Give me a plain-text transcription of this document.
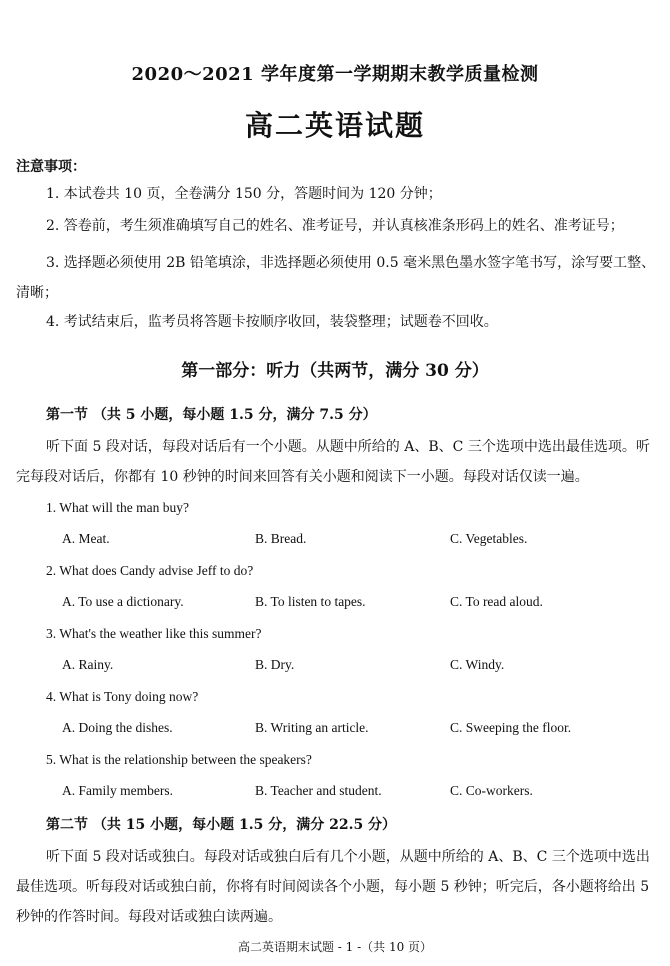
2020～2021 学年度第一学期期末教学质量检测
高二英语试题
注意事项：
1. 本试卷共 10 页，全卷满分 150 分，答题时间为 120 分钟；
2. 答卷前，考生须准确填写自己的姓名、准考证号，并认真核准条形码上的姓名、准考证号；
3. 选择题必须使用 2B 铅笔填涂，非选择题必须使用 0.5 毫米黑色墨水签字笔书写，涂写要工整、清晰；
4. 考试结束后，监考员将答题卡按顺序收回，装袋整理；试题卷不回收。
第一部分：听力（共两节，满分 30 分）
第一节 （共 5 小题，每小题 1.5 分，满分 7.5 分）
听下面 5 段对话，每段对话后有一个小题。从题中所给的 A、B、C 三个选项中选出最佳选项。听完每段对话后，你都有 10 秒钟的时间来回答有关小题和阅读下一小题。每段对话仅读一遍。
1. What will the man buy?
A. Meat.	B. Bread.	C. Vegetables.
2. What does Candy advise Jeff to do?
A. To use a dictionary.	B. To listen to tapes.	C. To read aloud.
3. What's the weather like this summer?
A. Rainy.	B. Dry.	C. Windy.
4. What is Tony doing now?
A. Doing the dishes.	B. Writing an article.	C. Sweeping the floor.
5. What is the relationship between the speakers?
A. Family members.	B. Teacher and student.	C. Co-workers.
第二节 （共 15 小题，每小题 1.5 分，满分 22.5 分）
听下面 5 段对话或独白。每段对话或独白后有几个小题，从题中所给的 A、B、C 三个选项中选出最佳选项。听每段对话或独白前，你将有时间阅读各个小题，每小题 5 秒钟；听完后，各小题将给出 5 秒钟的作答时间。每段对话或独白读两遍。
高二英语期末试题 - 1 -（共 10 页）
